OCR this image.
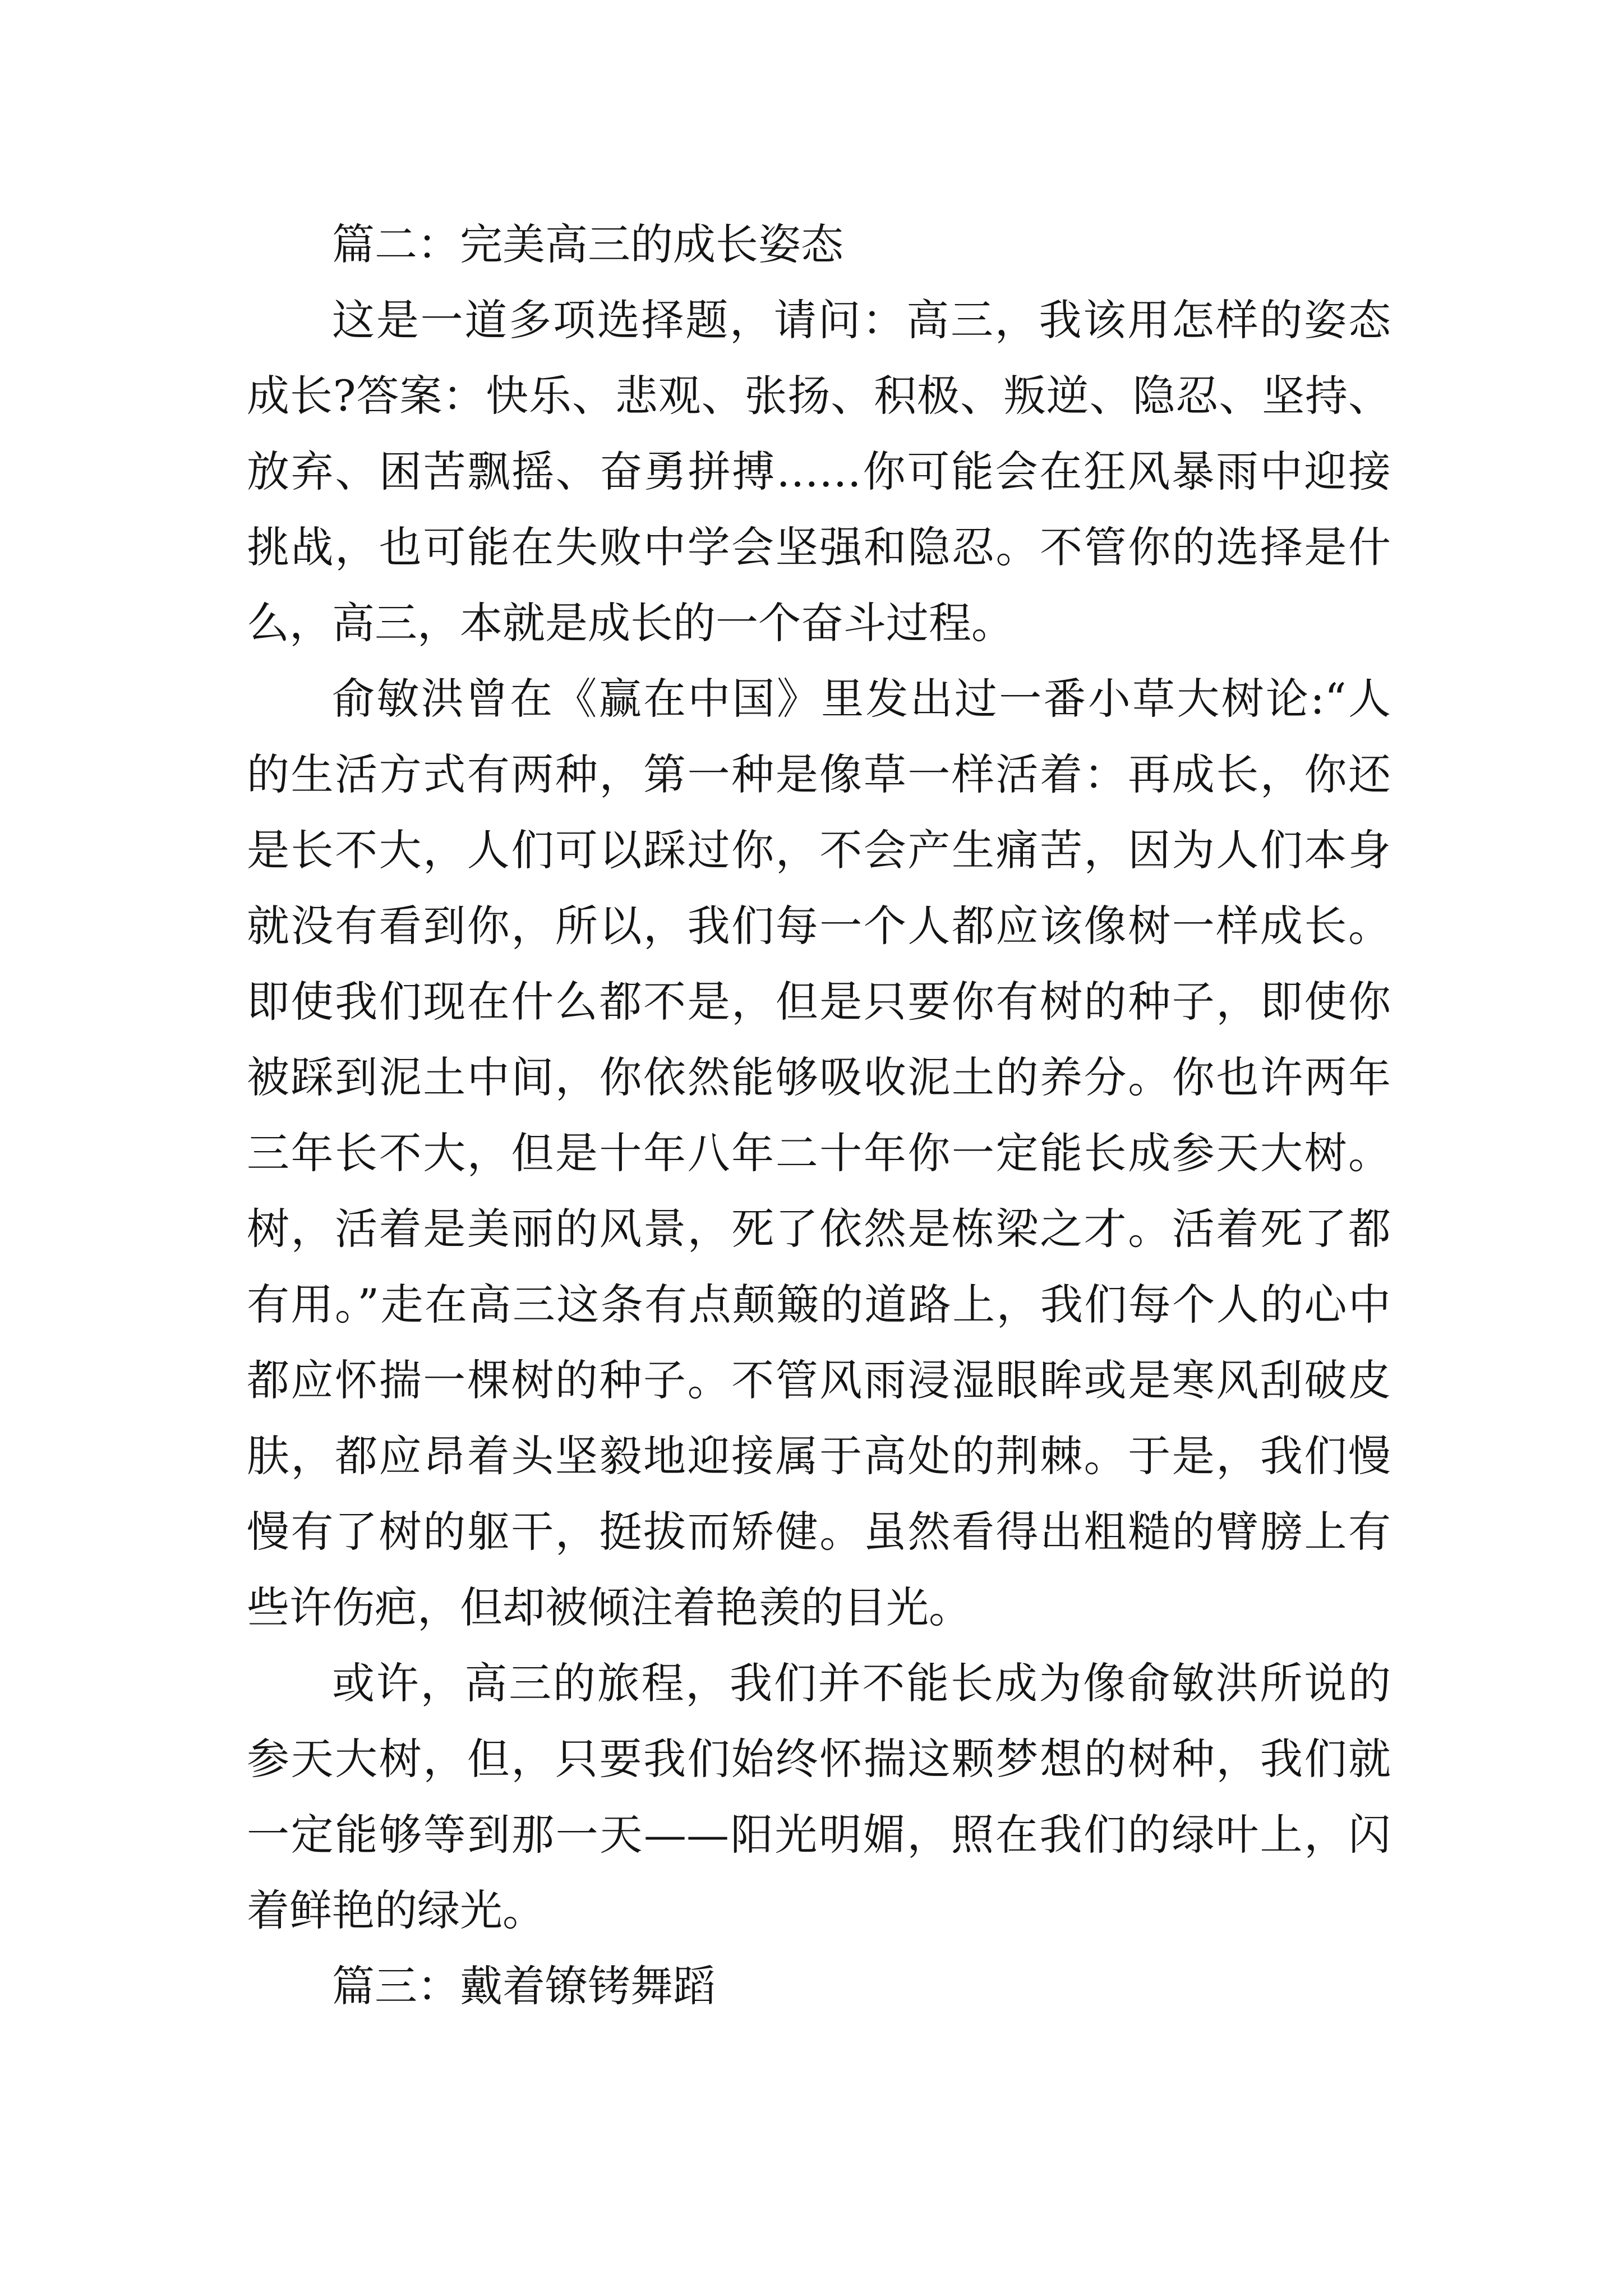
篇二：完美高三的成长姿态

这是一道多项选择题，请问：高三，我该用怎样的姿态成长?答案：快乐、悲观、张扬、积极、叛逆、隐忍、坚持、放弃、困苦飘摇、奋勇拼搏……你可能会在狂风暴雨中迎接挑战，也可能在失败中学会坚强和隐忍。不管你的选择是什么，高三，本就是成长的一个奋斗过程。

俞敏洪曾在《赢在中国》里发出过一番小草大树论:“人的生活方式有两种，第一种是像草一样活着：再成长，你还是长不大，人们可以踩过你，不会产生痛苦，因为人们本身就没有看到你，所以，我们每一个人都应该像树一样成长。即使我们现在什么都不是，但是只要你有树的种子，即使你被踩到泥土中间，你依然能够吸收泥土的养分。你也许两年三年长不大，但是十年八年二十年你一定能长成参天大树。树，活着是美丽的风景，死了依然是栋梁之才。活着死了都有用。”走在高三这条有点颠簸的道路上，我们每个人的心中都应怀揣一棵树的种子。不管风雨浸湿眼眸或是寒风刮破皮肤，都应昂着头坚毅地迎接属于高处的荆棘。于是，我们慢慢有了树的躯干，挺拔而矫健。虽然看得出粗糙的臂膀上有些许伤疤，但却被倾注着艳羡的目光。

或许，高三的旅程，我们并不能长成为像俞敏洪所说的参天大树，但，只要我们始终怀揣这颗梦想的树种，我们就一定能够等到那一天——阳光明媚，照在我们的绿叶上，闪着鲜艳的绿光。

篇三：戴着镣铐舞蹈
